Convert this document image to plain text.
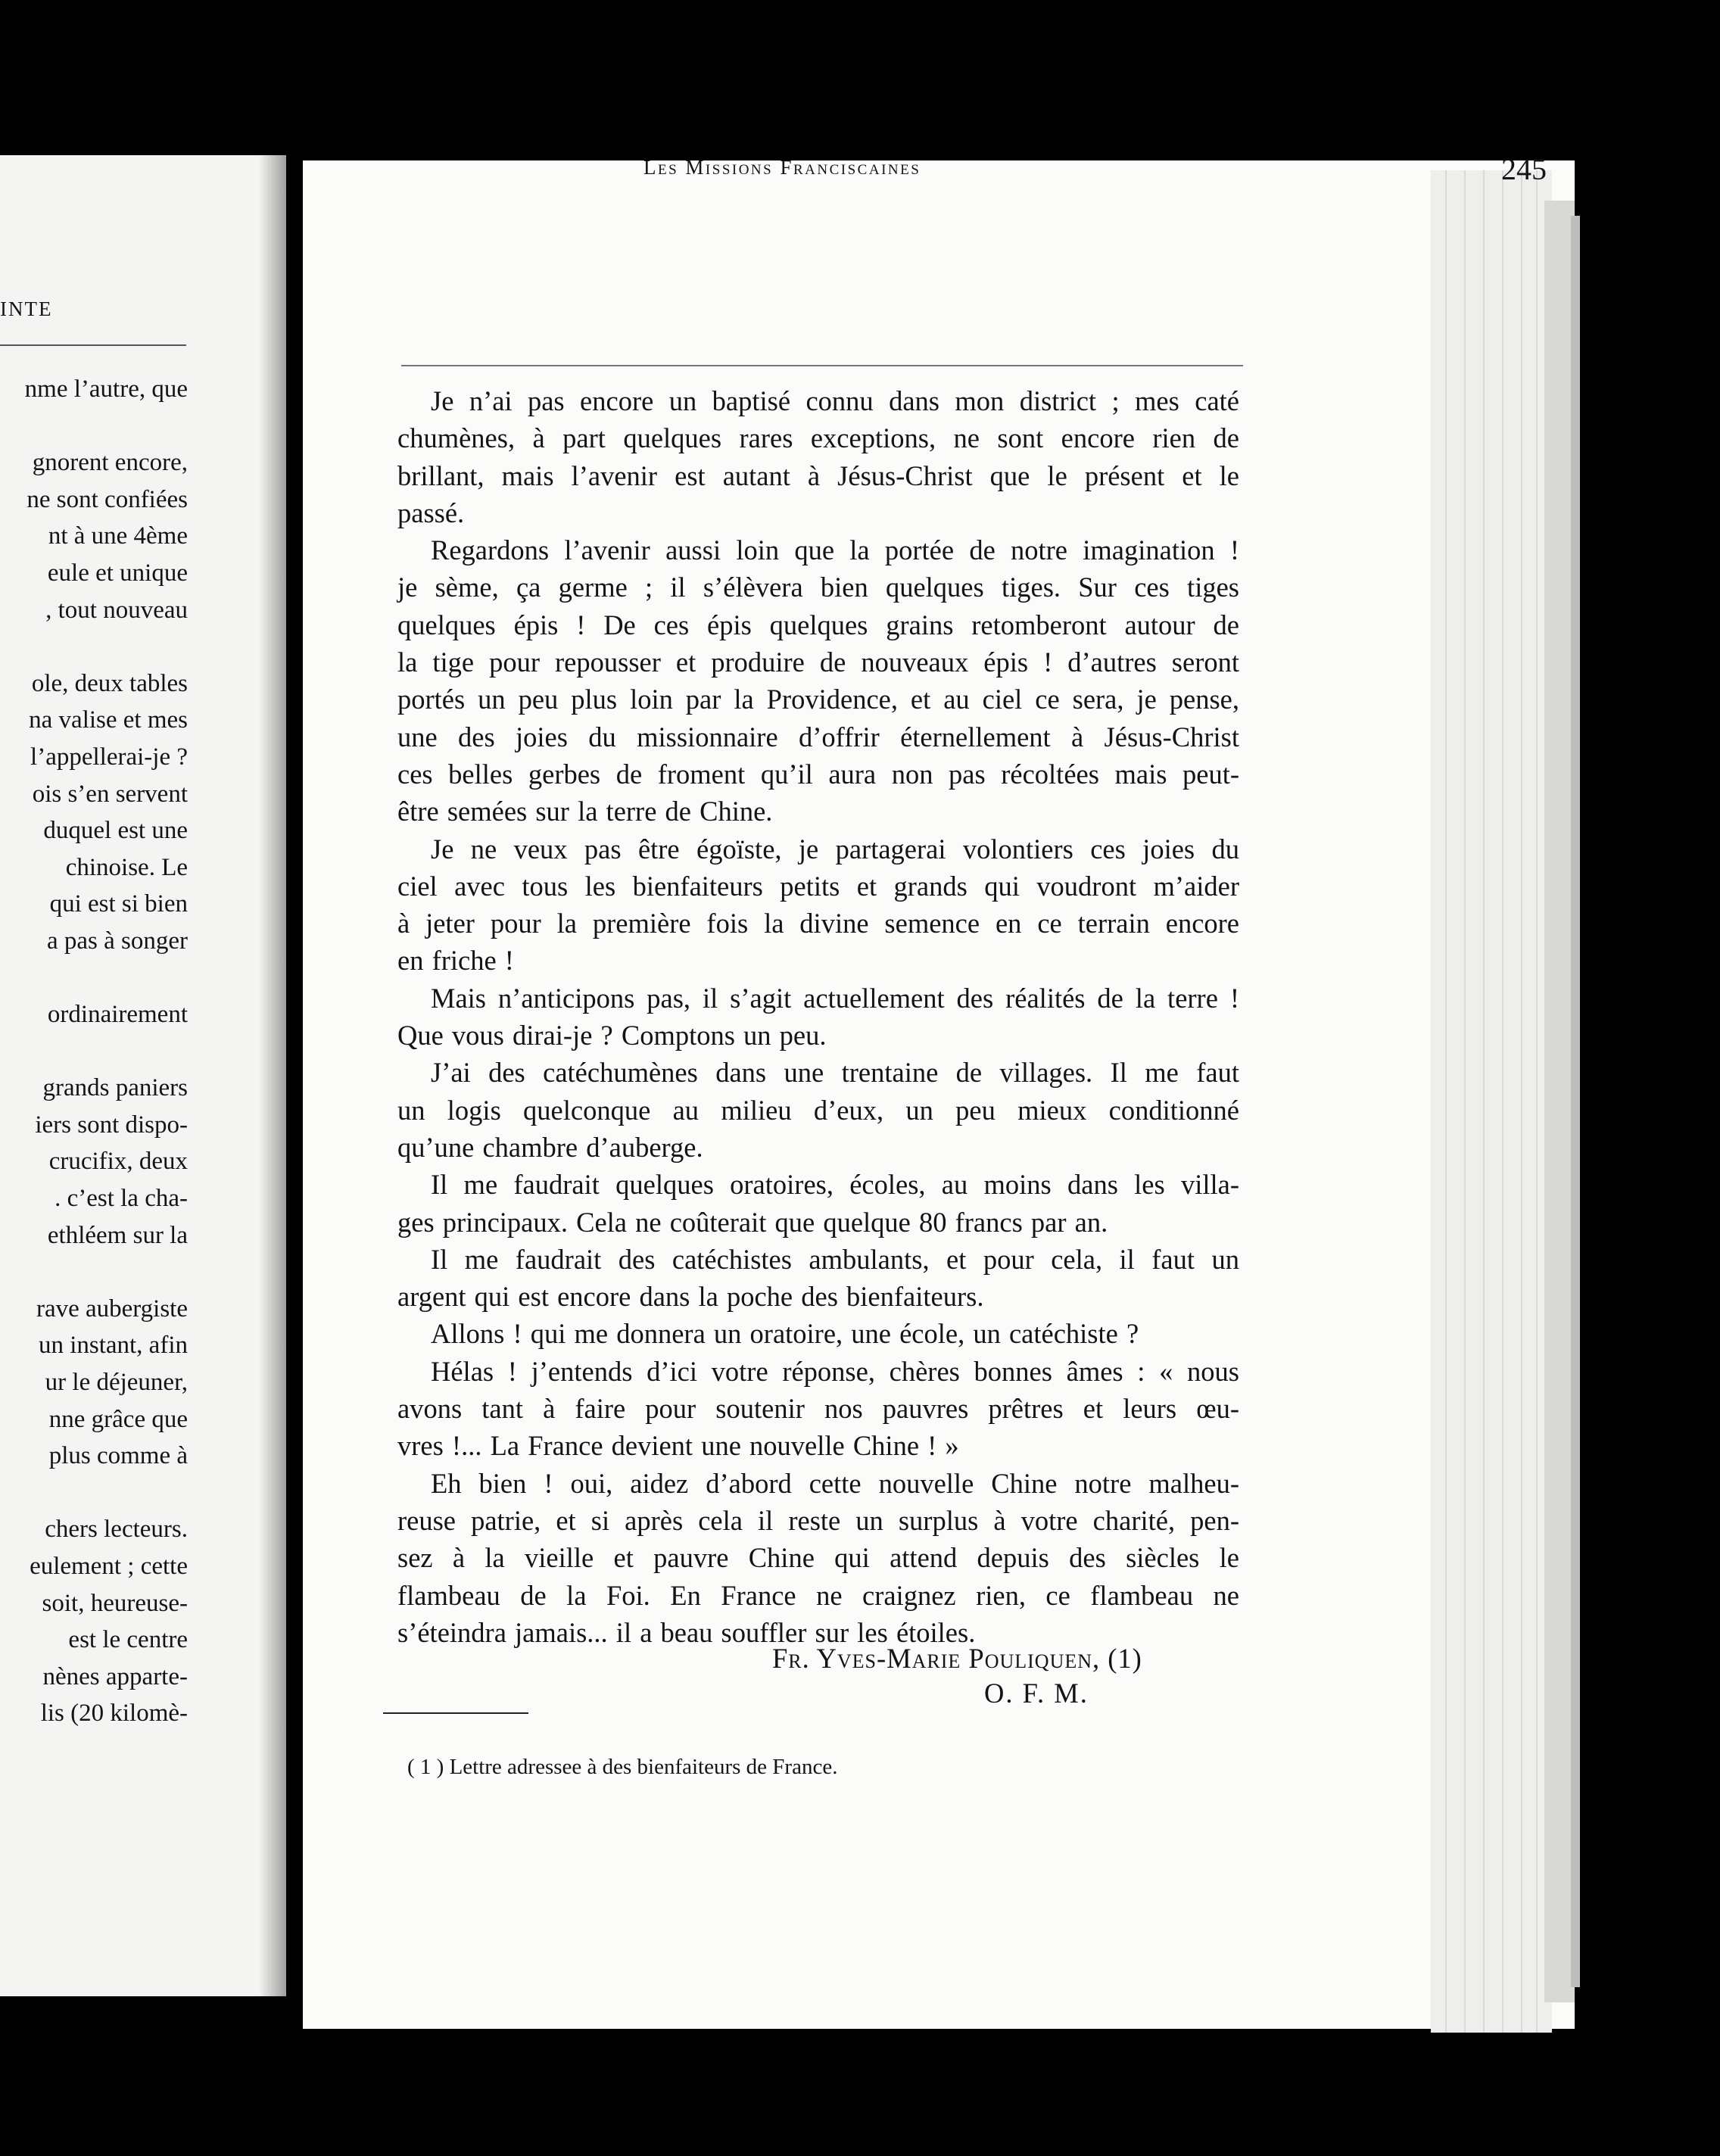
INTE
nme l’autre, que
gnorent encore,
ne sont confiées
nt à une 4ème
eule et unique
, tout nouveau
ole, deux tables
na valise et mes
l’appellerai-je ?
ois s’en servent
duquel est une
chinoise. Le
qui est si bien
a pas à songer
ordinairement
grands paniers
iers sont dispo-
crucifix, deux
. c’est la cha-
ethléem sur la
rave aubergiste
un instant, afin
ur le déjeuner,
nne grâce que
plus comme à
chers lecteurs.
eulement ; cette
soit, heureuse-
est le centre
nènes apparte-
lis (20 kilomè-
Les Missions Franciscaines	245
Je n’ai pas encore un baptisé connu dans mon district ; mes caté
chumènes, à part quelques rares exceptions, ne sont encore rien de
brillant, mais l’avenir est autant à Jésus-Christ que le présent et le
passé.
Regardons l’avenir aussi loin que la portée de notre imagination !
je sème, ça germe ; il s’élèvera bien quelques tiges. Sur ces tiges
quelques épis ! De ces épis quelques grains retomberont autour de
la tige pour repousser et produire de nouveaux épis ! d’autres seront
portés un peu plus loin par la Providence, et au ciel ce sera, je pense,
une des joies du missionnaire d’offrir éternellement à Jésus-Christ
ces belles gerbes de froment qu’il aura non pas récoltées mais peut-
être semées sur la terre de Chine.
Je ne veux pas être égoïste, je partagerai volontiers ces joies du
ciel avec tous les bienfaiteurs petits et grands qui voudront m’aider
à jeter pour la première fois la divine semence en ce terrain encore
en friche !
Mais n’anticipons pas, il s’agit actuellement des réalités de la terre !
Que vous dirai-je ? Comptons un peu.
J’ai des catéchumènes dans une trentaine de villages. Il me faut
un logis quelconque au milieu d’eux, un peu mieux conditionné
qu’une chambre d’auberge.
Il me faudrait quelques oratoires, écoles, au moins dans les villa-
ges principaux. Cela ne coûterait que quelque 80 francs par an.
Il me faudrait des catéchistes ambulants, et pour cela, il faut un
argent qui est encore dans la poche des bienfaiteurs.
Allons ! qui me donnera un oratoire, une école, un catéchiste ?
Hélas ! j’entends d’ici votre réponse, chères bonnes âmes : « nous
avons tant à faire pour soutenir nos pauvres prêtres et leurs œu-
vres !... La France devient une nouvelle Chine ! »
Eh bien ! oui, aidez d’abord cette nouvelle Chine notre malheu-
reuse patrie, et si après cela il reste un surplus à votre charité, pen-
sez à la vieille et pauvre Chine qui attend depuis des siècles le
flambeau de la Foi. En France ne craignez rien, ce flambeau ne
s’éteindra jamais... il a beau souffler sur les étoiles.
Fr. Yves-Marie Pouliquen, (1)
O. F. M.
( 1 ) Lettre adressee à des bienfaiteurs de France.
